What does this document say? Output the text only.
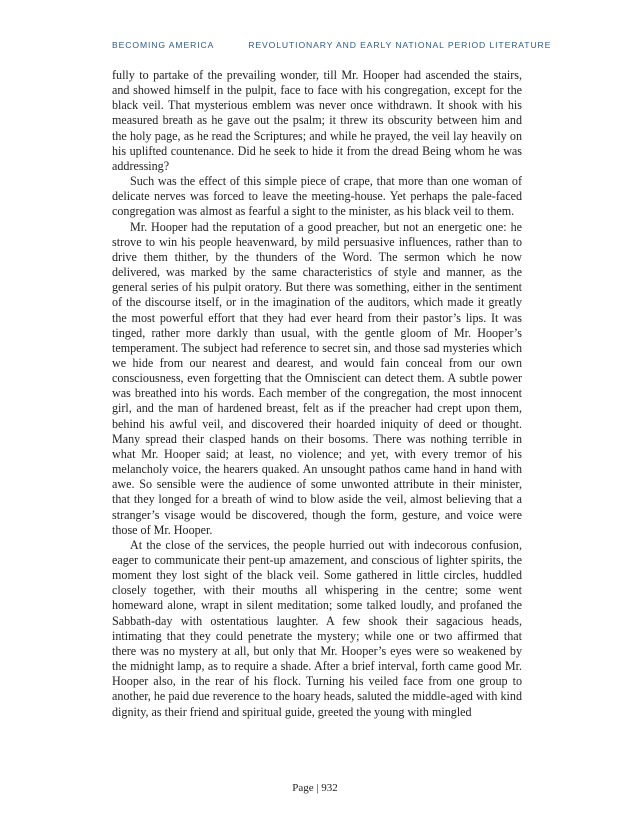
BECOMING AMERICA	REVOLUTIONARY AND EARLY NATIONAL PERIOD LITERATURE

fully to partake of the prevailing wonder, till Mr. Hooper had ascended the stairs, and showed himself in the pulpit, face to face with his congregation, except for the black veil. That mysterious emblem was never once withdrawn. It shook with his measured breath as he gave out the psalm; it threw its obscurity between him and the holy page, as he read the Scriptures; and while he prayed, the veil lay heavily on his uplifted countenance. Did he seek to hide it from the dread Being whom he was addressing?

Such was the effect of this simple piece of crape, that more than one woman of delicate nerves was forced to leave the meeting-house. Yet perhaps the pale-faced congregation was almost as fearful a sight to the minister, as his black veil to them.

Mr. Hooper had the reputation of a good preacher, but not an energetic one: he strove to win his people heavenward, by mild persuasive influences, rather than to drive them thither, by the thunders of the Word. The sermon which he now delivered, was marked by the same characteristics of style and manner, as the general series of his pulpit oratory. But there was something, either in the sentiment of the discourse itself, or in the imagination of the auditors, which made it greatly the most powerful effort that they had ever heard from their pastor’s lips. It was tinged, rather more darkly than usual, with the gentle gloom of Mr. Hooper’s temperament. The subject had reference to secret sin, and those sad mysteries which we hide from our nearest and dearest, and would fain conceal from our own consciousness, even forgetting that the Omniscient can detect them. A subtle power was breathed into his words. Each member of the congregation, the most innocent girl, and the man of hardened breast, felt as if the preacher had crept upon them, behind his awful veil, and discovered their hoarded iniquity of deed or thought. Many spread their clasped hands on their bosoms. There was nothing terrible in what Mr. Hooper said; at least, no violence; and yet, with every tremor of his melancholy voice, the hearers quaked. An unsought pathos came hand in hand with awe. So sensible were the audience of some unwonted attribute in their minister, that they longed for a breath of wind to blow aside the veil, almost believing that a stranger’s visage would be discovered, though the form, gesture, and voice were those of Mr. Hooper.

At the close of the services, the people hurried out with indecorous confusion, eager to communicate their pent-up amazement, and conscious of lighter spirits, the moment they lost sight of the black veil. Some gathered in little circles, huddled closely together, with their mouths all whispering in the centre; some went homeward alone, wrapt in silent meditation; some talked loudly, and profaned the Sabbath-day with ostentatious laughter. A few shook their sagacious heads, intimating that they could penetrate the mystery; while one or two affirmed that there was no mystery at all, but only that Mr. Hooper’s eyes were so weakened by the midnight lamp, as to require a shade. After a brief interval, forth came good Mr. Hooper also, in the rear of his flock. Turning his veiled face from one group to another, he paid due reverence to the hoary heads, saluted the middle-aged with kind dignity, as their friend and spiritual guide, greeted the young with mingled

Page | 932
